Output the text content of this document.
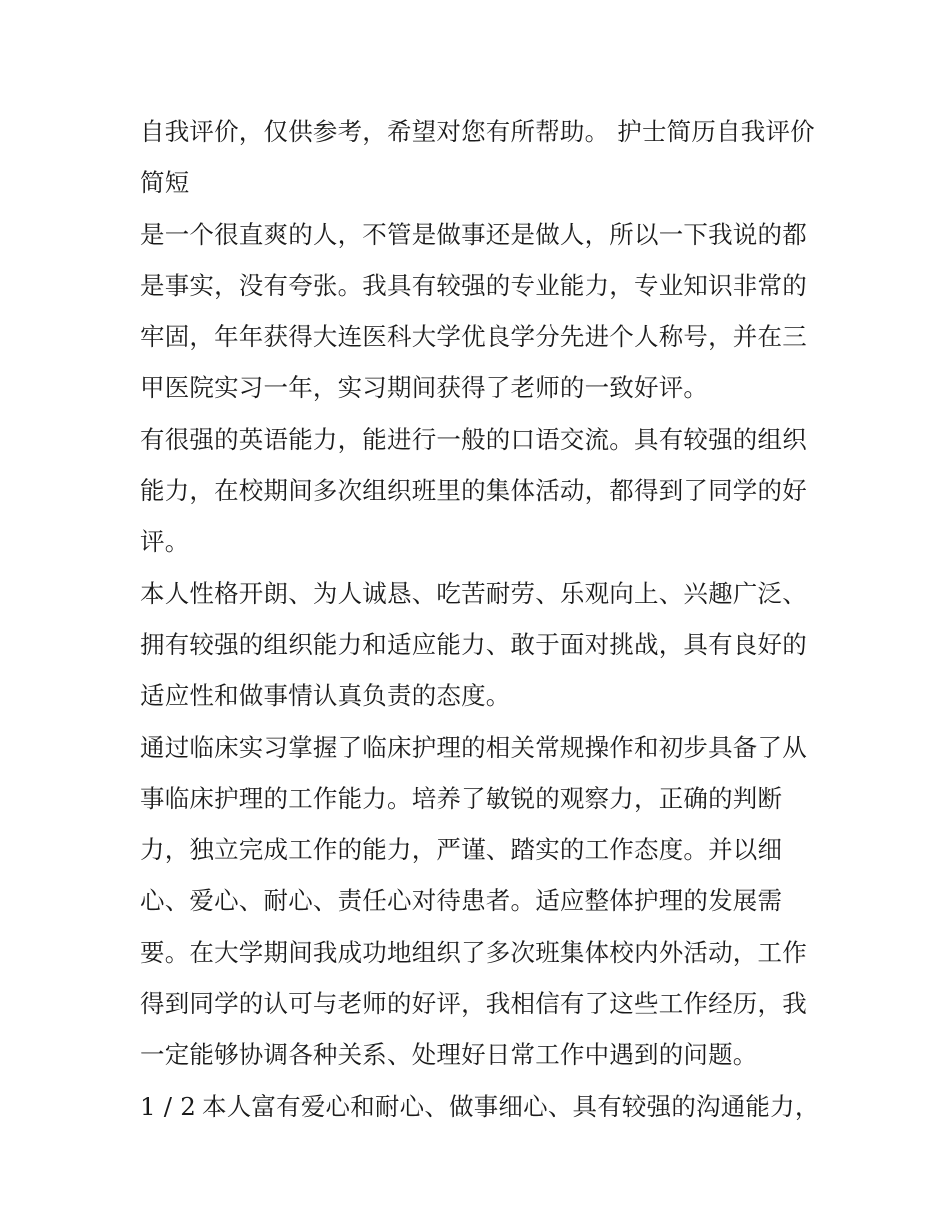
自我评价，仅供参考，希望对您有所帮助。 护士简历自我评价简短

是一个很直爽的人，不管是做事还是做人，所以一下我说的都是事实，没有夸张。我具有较强的专业能力，专业知识非常的牢固，年年获得大连医科大学优良学分先进个人称号，并在三甲医院实习一年，实习期间获得了老师的一致好评。

有很强的英语能力，能进行一般的口语交流。具有较强的组织能力，在校期间多次组织班里的集体活动，都得到了同学的好评。

本人性格开朗、为人诚恳、吃苦耐劳、乐观向上、兴趣广泛、拥有较强的组织能力和适应能力、敢于面对挑战，具有良好的适应性和做事情认真负责的态度。

通过临床实习掌握了临床护理的相关常规操作和初步具备了从事临床护理的工作能力。培养了敏锐的观察力，正确的判断力，独立完成工作的能力，严谨、踏实的工作态度。并以细心、爱心、耐心、责任心对待患者。适应整体护理的发展需要。在大学期间我成功地组织了多次班集体校内外活动，工作得到同学的认可与老师的好评，我相信有了这些工作经历，我一定能够协调各种关系、处理好日常工作中遇到的问题。

1 / 2 本人富有爱心和耐心、做事细心、具有较强的沟通能力，
